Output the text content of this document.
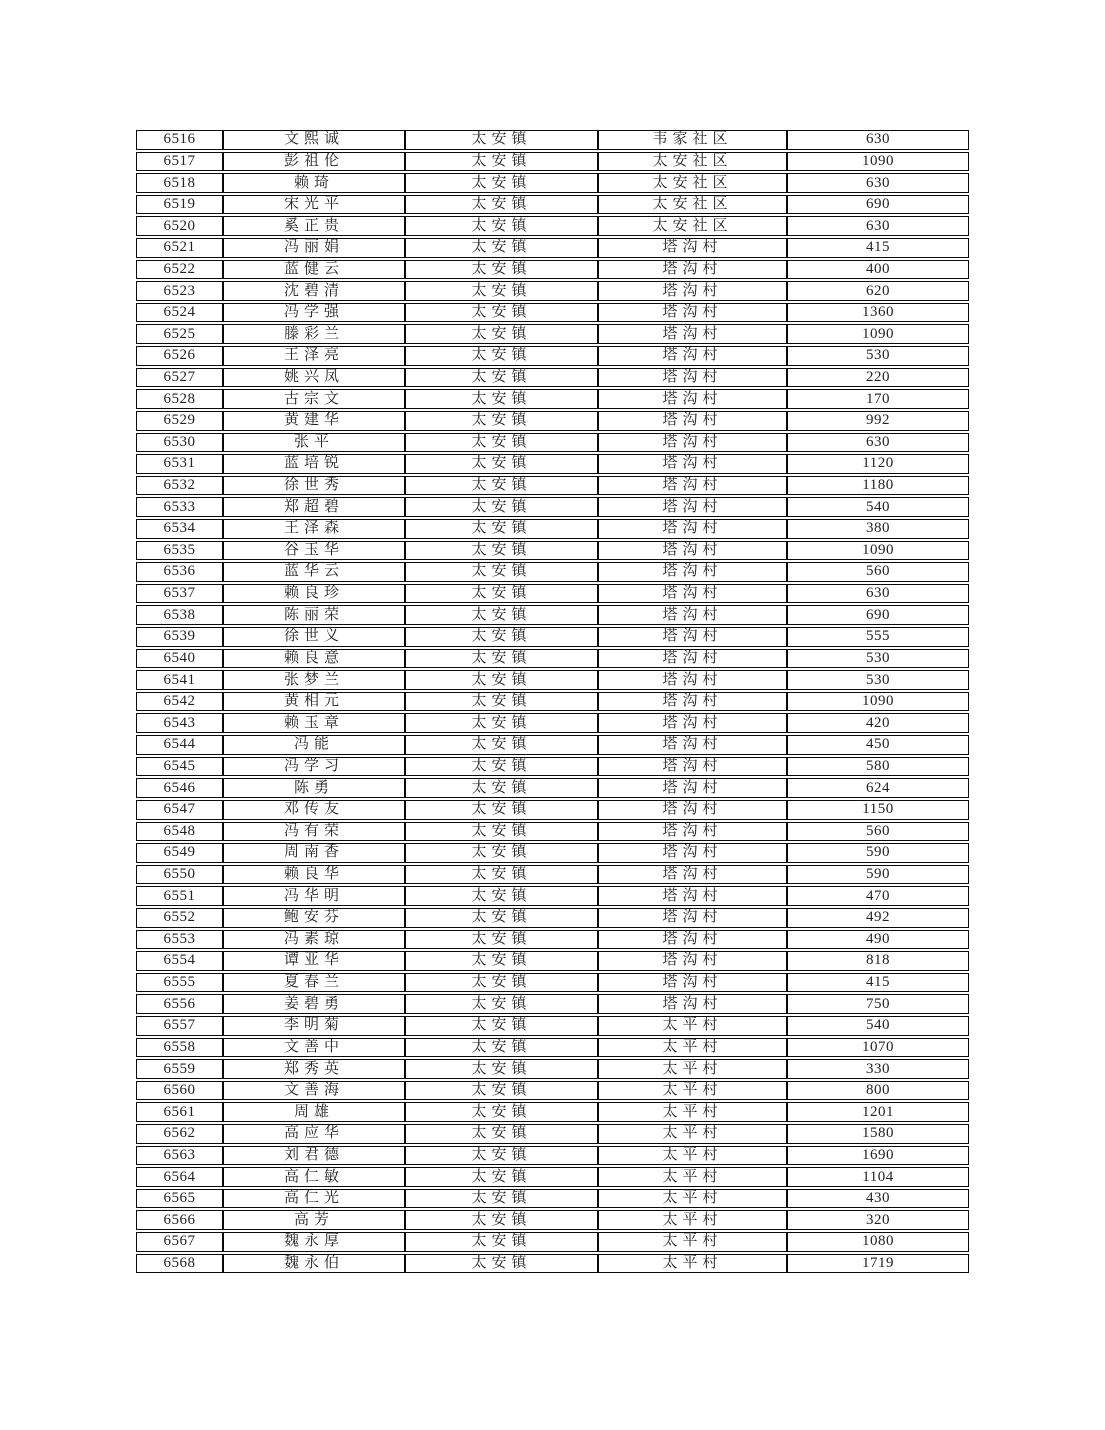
6516	文熙诚	太安镇	韦家社区	630
6517	彭祖伦	太安镇	太安社区	1090
6518	赖琦	太安镇	太安社区	630
6519	宋光平	太安镇	太安社区	690
6520	奚正贵	太安镇	太安社区	630
6521	冯丽娟	太安镇	塔沟村	415
6522	蓝健云	太安镇	塔沟村	400
6523	沈碧清	太安镇	塔沟村	620
6524	冯学强	太安镇	塔沟村	1360
6525	滕彩兰	太安镇	塔沟村	1090
6526	王泽亮	太安镇	塔沟村	530
6527	姚兴凤	太安镇	塔沟村	220
6528	古宗文	太安镇	塔沟村	170
6529	黄建华	太安镇	塔沟村	992
6530	张平	太安镇	塔沟村	630
6531	蓝培锐	太安镇	塔沟村	1120
6532	徐世秀	太安镇	塔沟村	1180
6533	郑超碧	太安镇	塔沟村	540
6534	王泽森	太安镇	塔沟村	380
6535	谷玉华	太安镇	塔沟村	1090
6536	蓝华云	太安镇	塔沟村	560
6537	赖良珍	太安镇	塔沟村	630
6538	陈丽荣	太安镇	塔沟村	690
6539	徐世义	太安镇	塔沟村	555
6540	赖良意	太安镇	塔沟村	530
6541	张梦兰	太安镇	塔沟村	530
6542	黄相元	太安镇	塔沟村	1090
6543	赖玉章	太安镇	塔沟村	420
6544	冯能	太安镇	塔沟村	450
6545	冯学习	太安镇	塔沟村	580
6546	陈勇	太安镇	塔沟村	624
6547	邓传友	太安镇	塔沟村	1150
6548	冯有荣	太安镇	塔沟村	560
6549	周南香	太安镇	塔沟村	590
6550	赖良华	太安镇	塔沟村	590
6551	冯华明	太安镇	塔沟村	470
6552	鲍安芬	太安镇	塔沟村	492
6553	冯素琼	太安镇	塔沟村	490
6554	谭亚华	太安镇	塔沟村	818
6555	夏春兰	太安镇	塔沟村	415
6556	姜碧勇	太安镇	塔沟村	750
6557	李明菊	太安镇	太平村	540
6558	文善中	太安镇	太平村	1070
6559	郑秀英	太安镇	太平村	330
6560	文善海	太安镇	太平村	800
6561	周雄	太安镇	太平村	1201
6562	高应华	太安镇	太平村	1580
6563	刘君德	太安镇	太平村	1690
6564	高仁敏	太安镇	太平村	1104
6565	高仁光	太安镇	太平村	430
6566	高芳	太安镇	太平村	320
6567	魏永厚	太安镇	太平村	1080
6568	魏永伯	太安镇	太平村	1719
